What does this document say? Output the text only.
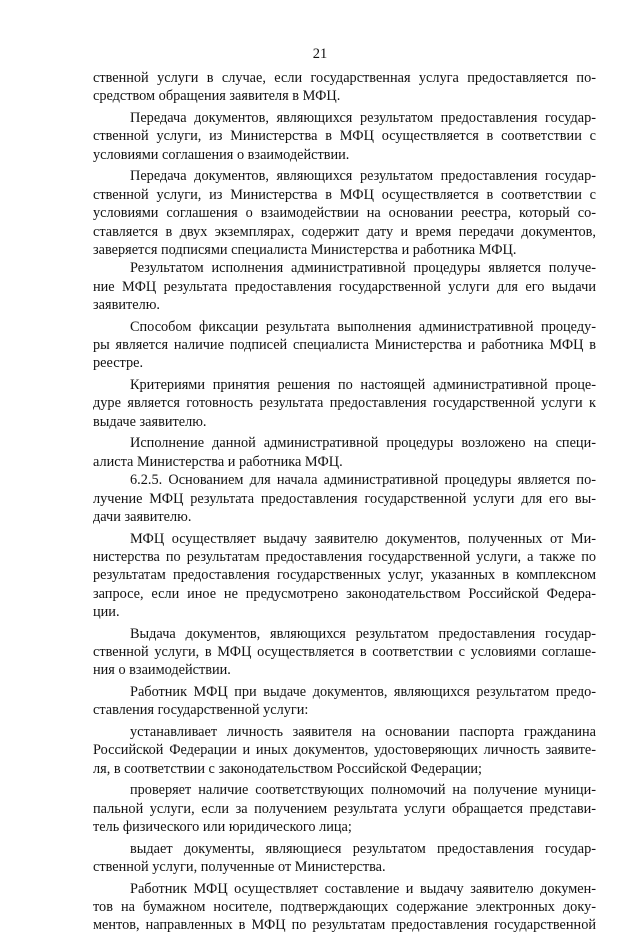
21
ственной услуги в случае, если государственная услуга предоставляется по-
средством обращения заявителя в МФЦ.
Передача документов, являющихся результатом предоставления государ-
ственной услуги, из Министерства в МФЦ осуществляется в соответствии с
условиями соглашения о взаимодействии.
Передача документов, являющихся результатом предоставления государ-
ственной услуги, из Министерства в МФЦ осуществляется в соответствии с
условиями соглашения о взаимодействии на основании реестра, который со-
ставляется в двух экземплярах, содержит дату и время передачи документов,
заверяется подписями специалиста Министерства и работника МФЦ.
Результатом исполнения административной процедуры является получе-
ние МФЦ результата предоставления государственной услуги для его выдачи
заявителю.
Способом фиксации результата выполнения административной процеду-
ры является наличие подписей специалиста Министерства и работника МФЦ в
реестре.
Критериями принятия решения по настоящей административной проце-
дуре является готовность результата предоставления государственной услуги к
выдаче заявителю.
Исполнение данной административной процедуры возложено на специ-
алиста Министерства и работника МФЦ.
6.2.5. Основанием для начала административной процедуры является по-
лучение МФЦ результата предоставления государственной услуги для его вы-
дачи заявителю.
МФЦ осуществляет выдачу заявителю документов, полученных от Ми-
нистерства по результатам предоставления государственной услуги, а также по
результатам предоставления государственных услуг, указанных в комплексном
запросе, если иное не предусмотрено законодательством Российской Федера-
ции.
Выдача документов, являющихся результатом предоставления государ-
ственной услуги, в МФЦ осуществляется в соответствии с условиями соглаше-
ния о взаимодействии.
Работник МФЦ при выдаче документов, являющихся результатом предо-
ставления государственной услуги:
устанавливает личность заявителя на основании паспорта гражданина
Российской Федерации и иных документов, удостоверяющих личность заявите-
ля, в соответствии с законодательством Российской Федерации;
проверяет наличие соответствующих полномочий на получение муници-
пальной услуги, если за получением результата услуги обращается представи-
тель физического или юридического лица;
выдает документы, являющиеся результатом предоставления государ-
ственной услуги, полученные от Министерства.
Работник МФЦ осуществляет составление и выдачу заявителю докумен-
тов на бумажном носителе, подтверждающих содержание электронных доку-
ментов, направленных в МФЦ по результатам предоставления государственной
